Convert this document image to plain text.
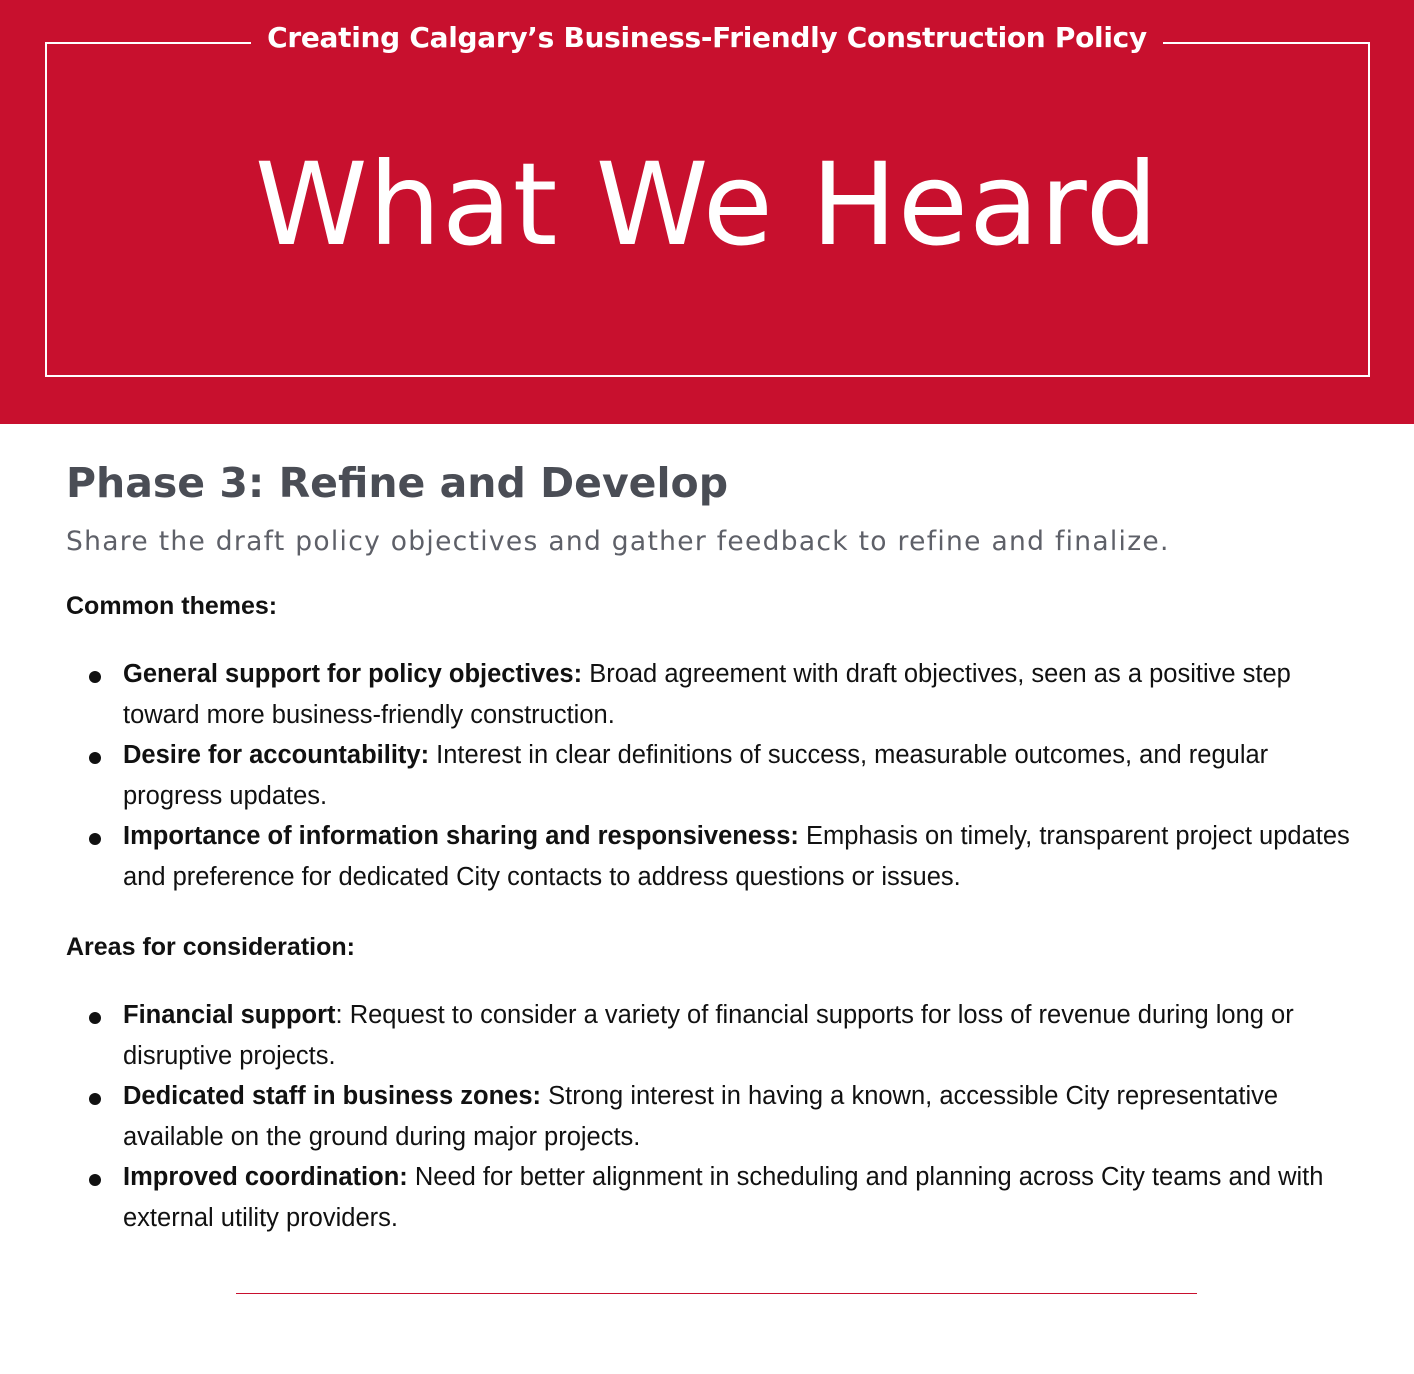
Creating Calgary’s Business-Friendly Construction Policy
What We Heard
Phase 3: Refine and Develop

Share the draft policy objectives and gather feedback to refine and finalize.

Common themes:
General support for policy objectives: Broad agreement with draft objectives, seen as a positive step toward more business-friendly construction.
Desire for accountability: Interest in clear definitions of success, measurable outcomes, and regular progress updates.
Importance of information sharing and responsiveness: Emphasis on timely, transparent project updates and preference for dedicated City contacts to address questions or issues.
Areas for consideration:
Financial support: Request to consider a variety of financial supports for loss of revenue during long or disruptive projects.
Dedicated staff in business zones: Strong interest in having a known, accessible City representative available on the ground during major projects.
Improved coordination: Need for better alignment in scheduling and planning across City teams and with external utility providers.
